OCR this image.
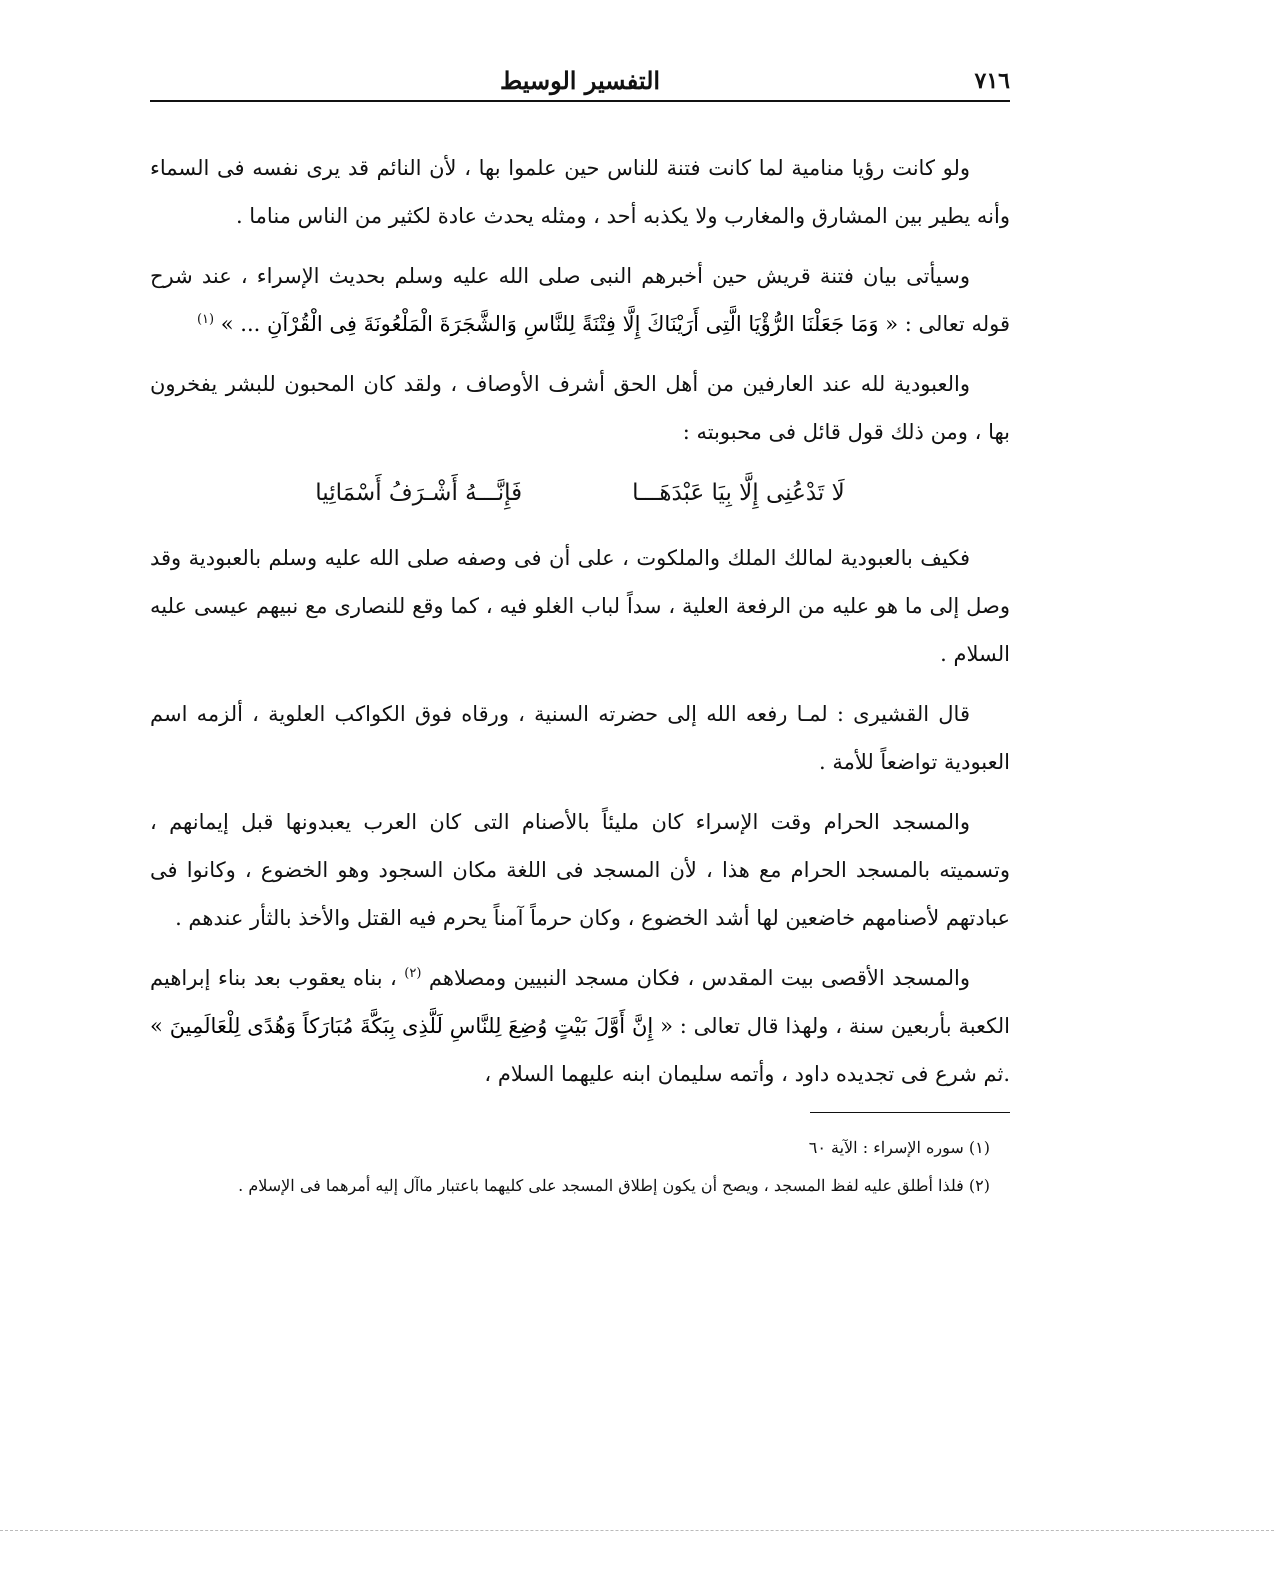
٧١٦
التفسير الوسيط

ولو كانت رؤيا منامية لما كانت فتنة للناس حين علموا بها ، لأن النائم قد يرى نفسه فى السماء وأنه يطير بين المشارق والمغارب ولا يكذبه أحد ، ومثله يحدث عادة لكثير من الناس مناما .

وسيأتى بيان فتنة قريش حين أخبرهم النبى صلى الله عليه وسلم بحديث الإسراء ، عند شرح قوله تعالى : « وَمَا جَعَلْنَا الرُّؤْيَا الَّتِى أَرَيْنَاكَ إِلَّا فِتْنَةً لِلنَّاسِ وَالشَّجَرَةَ الْمَلْعُونَةَ فِى الْقُرْآنِ ... » $^{(١)}$

والعبودية لله عند العارفين من أهل الحق أشرف الأوصاف ، ولقد كان المحبون للبشر يفخرون بها ، ومن ذلك قول قائل فى محبوبته :

لَا تَدْعُنِى إِلَّا بِيَا عَبْدَهَـــا
فَإِنَّـــهُ أَشْـرَفُ أَسْمَائِيا

فكيف بالعبودية لمالك الملك والملكوت ، على أن فى وصفه صلى الله عليه وسلم بالعبودية وقد وصل إلى ما هو عليه من الرفعة العلية ، سداً لباب الغلو فيه ، كما وقع للنصارى مع نبيهم عيسى عليه السلام .

قال القشيرى : لمـا رفعه الله إلى حضرته السنية ، ورقاه فوق الكواكب العلوية ، ألزمه اسم العبودية تواضعاً للأمة .

والمسجد الحرام وقت الإسراء كان مليئاً بالأصنام التى كان العرب يعبدونها قبل إيمانهم ، وتسميته بالمسجد الحرام مع هذا ، لأن المسجد فى اللغة مكان السجود وهو الخضوع ، وكانوا فى عبادتهم لأصنامهم خاضعين لها أشد الخضوع ، وكان حرماً آمناً يحرم فيه القتل والأخذ بالثأر عندهم .

والمسجد الأقصى بيت المقدس ، فكان مسجد النبيين ومصلاهم $^{(٢)}$ ، بناه يعقوب بعد بناء إبراهيم الكعبة بأربعين سنة ، ولهذا قال تعالى : « إِنَّ أَوَّلَ بَيْتٍ وُضِعَ لِلنَّاسِ لَلَّذِى بِبَكَّةَ مُبَارَكاً وَهُدًى لِلْعَالَمِينَ » .ثم شرع فى تجديده داود ، وأتمه سليمان ابنه عليهما السلام ،

(١) سوره الإسراء : الآية ٦٠
(٢) فلذا أطلق عليه لفظ المسجد ، ويصح أن يكون إطلاق المسجد على كليهما باعتبار ماآل إليه أمرهما فى الإسلام .
